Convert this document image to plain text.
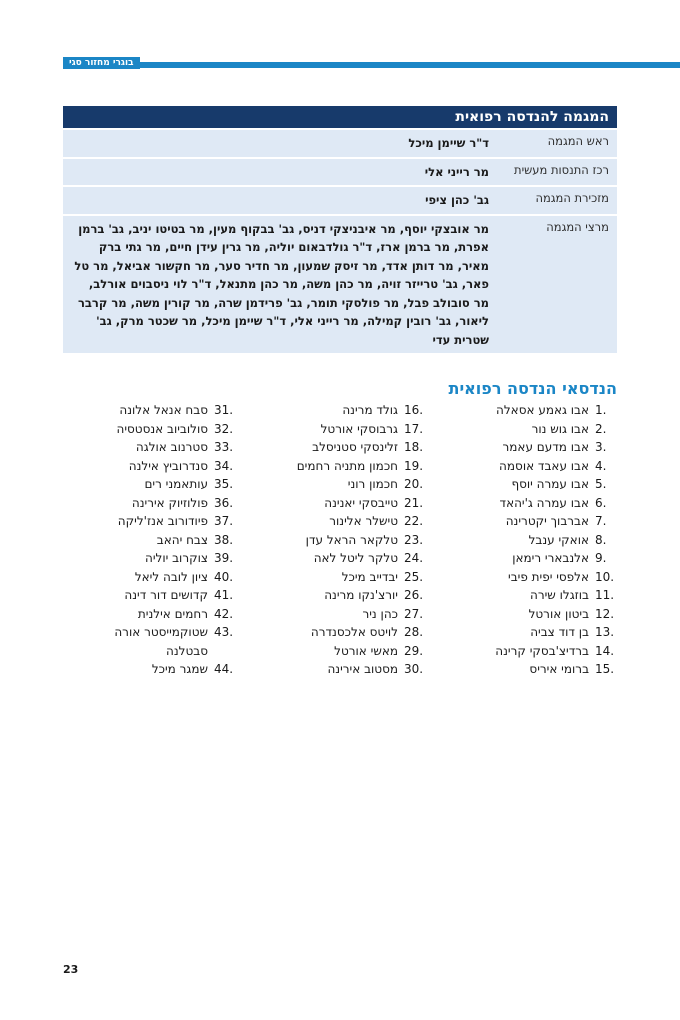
בוגרי מחזור סגי
המגמה להנדסה רפואית	
ראש המגמה	ד"ר שיימן מיכל
רכז התנסות מעשית	מר רייני אלי
מזכירת המגמה	גב' כהן ציפי
מרצי המגמה	מר אובצקי יוסף, מר איבניצקי דניס, גב' בבקוף מעין, מר בטיטו יניב, גב' ברמן אפרת, מר ברמן ארז, ד"ר גולדבאום יוליה, מר גרין עידן חיים, מר גתי ברק מאיר, מר דותן אדד, מר זיסק שמעון, מר חדיר סער, מר חקשור אביאל, מר טל פאר, גב' טרייזר זויה, מר כהן משה, מר כהן מתנאל, ד"ר לוי ניסבוים אורלב, מר סובולב פבל, מר פולסקי תומר, גב' פרידמן שרה, מר קורין משה, מר קרבר ליאור, גב' רובין קמילה, מר רייני אלי, ד"ר שיימן מיכל, מר שכטר מרק, גב' שטרית עדי
הנדסאי הנדסה רפואית
1.אבו גאמע אסאלה
2.אבו גוש נור
3.אבו מדעם עאמר
4.אבו עאבד אוסמה
5.אבו עמרה יוסף
6.אבו עמרה ג'יהאד
7.אברבוך יקטרינה
8.אואקי ענבל
9.אלנבארי רימאן
10.אלפסי יפית פיבי
11.בוזגלו שירה
12.ביטון אורטל
13.בן דוד צביה
14.ברדיצ'בסקי קרינה
15.ברומי איריס
16.גולד מרינה
17.גרבוסקי אורטל
18.זלינסקי סטניסלב
19.חכמון מתניה רחמים
20.חכמון רוני
21.טייבסקי יאנינה
22.טישלר אלינור
23.טלקאר הראל עדן
24.טלקר ליטל לאה
25.יבדייב מיכל
26.יורצ'נקו מרינה
27.כהן ניר
28.לויטס אלכסנדרה
29.מאשי אורטל
30.מסטוב אירינה
31.סבח אנאל אלונה
32.סולוביוב אנסטסיה
33.סטרנוב אולגה
34.סנדרוביץ אילנה
35.עותאמני רים
36.פולוזיוק אירינה
37.פיודורוב אנז'ליקה
38.צבח יהאב
39.צוקרוב יוליה
40.ציון לובה ליאל
41.קדושים דור דינה
42.רחמים אילנית
43.שטוקמייסטר אורה
סבטלנה
44.שמגר מיכל
23
